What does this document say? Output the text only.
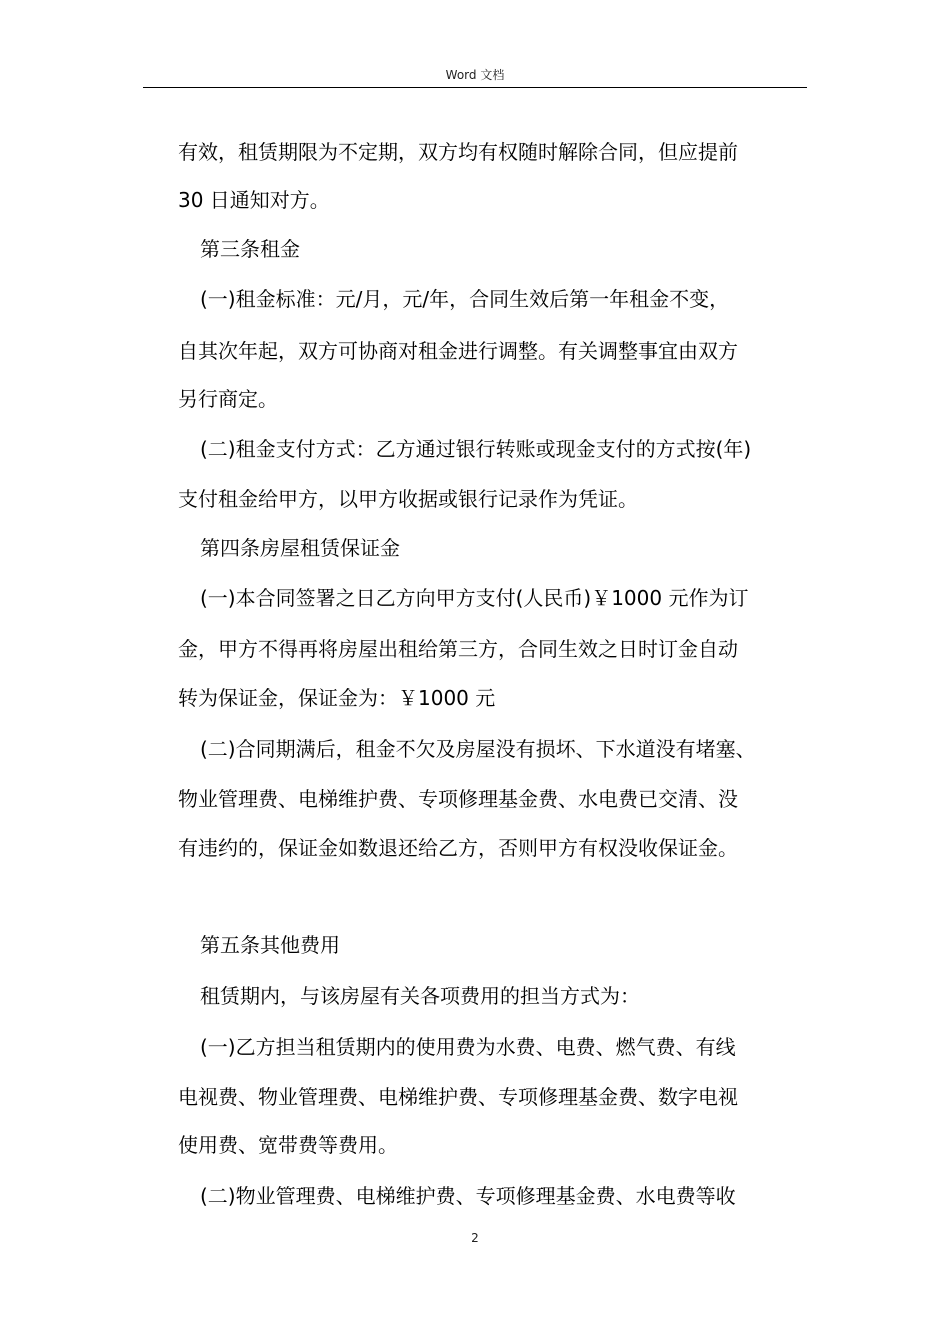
Word 文档
有效，租赁期限为不定期，双方均有权随时解除合同，但应提前
30 日通知对方。
第三条租金
(一)租金标准：元/月，元/年，合同生效后第一年租金不变，
自其次年起，双方可协商对租金进行调整。有关调整事宜由双方
另行商定。
(二)租金支付方式：乙方通过银行转账或现金支付的方式按(年)
支付租金给甲方，以甲方收据或银行记录作为凭证。
第四条房屋租赁保证金
(一)本合同签署之日乙方向甲方支付(人民币)￥1000 元作为订
金，甲方不得再将房屋出租给第三方，合同生效之日时订金自动
转为保证金，保证金为：￥1000 元
(二)合同期满后，租金不欠及房屋没有损坏、下水道没有堵塞、
物业管理费、电梯维护费、专项修理基金费、水电费已交清、没
有违约的，保证金如数退还给乙方，否则甲方有权没收保证金。
第五条其他费用
租赁期内，与该房屋有关各项费用的担当方式为：
(一)乙方担当租赁期内的使用费为水费、电费、燃气费、有线
电视费、物业管理费、电梯维护费、专项修理基金费、数字电视
使用费、宽带费等费用。
(二)物业管理费、电梯维护费、专项修理基金费、水电费等收
2
